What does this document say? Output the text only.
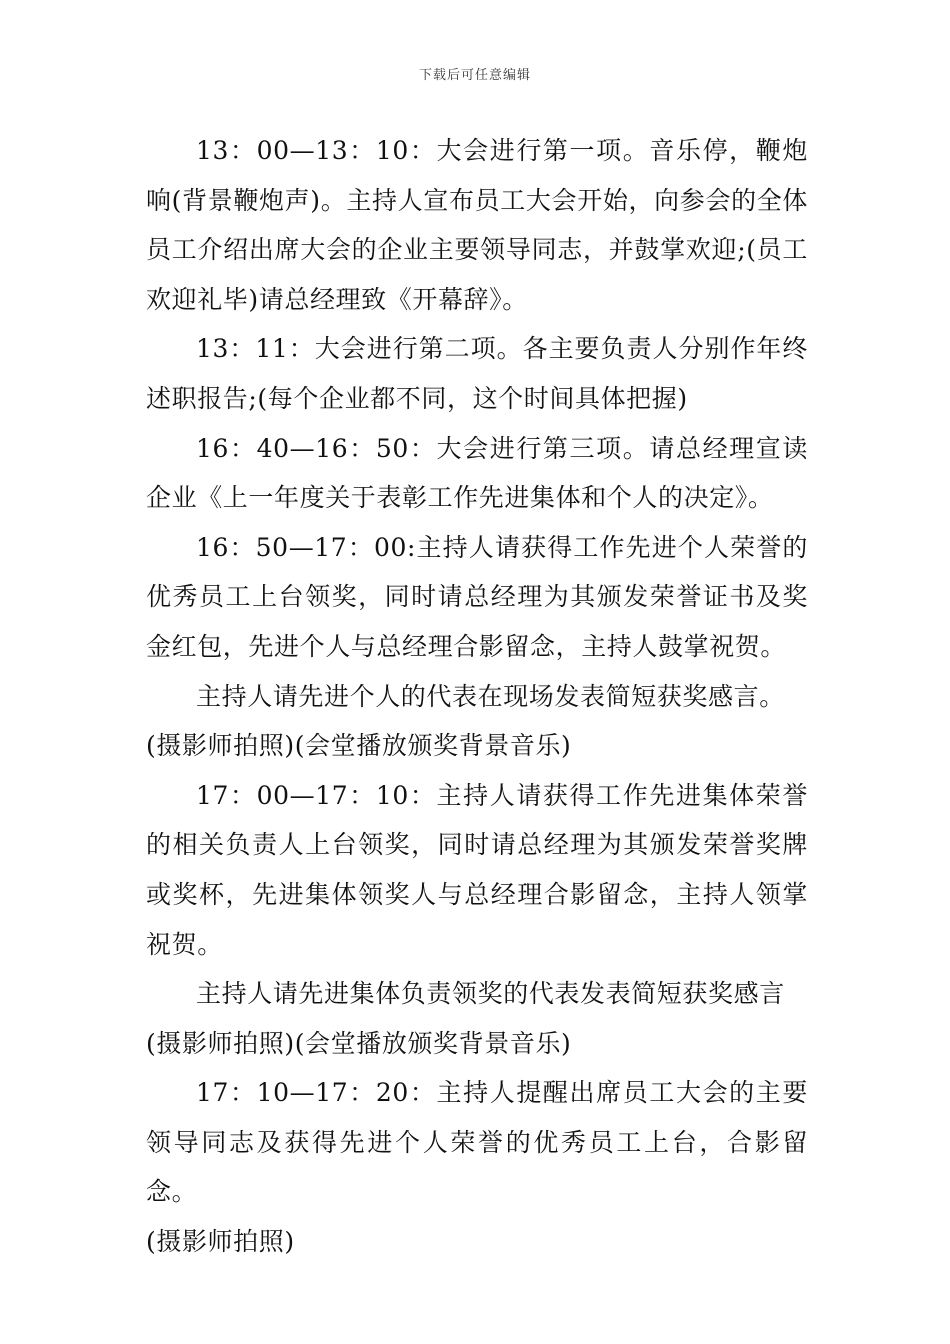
下载后可任意编辑

13：00—13：10：大会进行第一项。音乐停，鞭炮响(背景鞭炮声)。主持人宣布员工大会开始，向参会的全体员工介绍出席大会的企业主要领导同志，并鼓掌欢迎;(员工欢迎礼毕)请总经理致《开幕辞》。

13：11：大会进行第二项。各主要负责人分别作年终述职报告;(每个企业都不同，这个时间具体把握)

16：40—16：50：大会进行第三项。请总经理宣读企业《上一年度关于表彰工作先进集体和个人的决定》。

16：50—17：00:主持人请获得工作先进个人荣誉的优秀员工上台领奖，同时请总经理为其颁发荣誉证书及奖金红包，先进个人与总经理合影留念，主持人鼓掌祝贺。

主持人请先进个人的代表在现场发表简短获奖感言。

(摄影师拍照)(会堂播放颁奖背景音乐)

17：00—17：10：主持人请获得工作先进集体荣誉的相关负责人上台领奖，同时请总经理为其颁发荣誉奖牌或奖杯，先进集体领奖人与总经理合影留念，主持人领掌祝贺。

主持人请先进集体负责领奖的代表发表简短获奖感言

(摄影师拍照)(会堂播放颁奖背景音乐)

17：10—17：20：主持人提醒出席员工大会的主要领导同志及获得先进个人荣誉的优秀员工上台，合影留念。

(摄影师拍照)
